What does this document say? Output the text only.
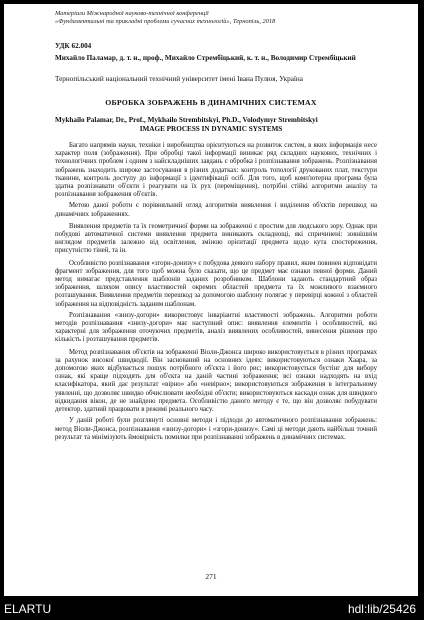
Матеріали Міжнародної науково-технічної конференції
«Фундаментальні та прикладні проблеми сучасних технологій», Тернопіль, 2018
УДК 62.004
Михайло Паламар, д. т. н., проф., Михайло Стрембіцький, к. т. н., Володимир Стрембіцький
Тернопільський національний технічний університет імені Івана Пулюя, Україна
ОБРОБКА ЗОБРАЖЕНЬ В ДИНАМІЧНИХ СИСТЕМАХ
Mykhailo Palamar, Dr., Prof., Mykhailo Strembitskyi, Ph.D., Volodymyr Strembitskyi
IMAGE PROCESS IN DYNAMIC SYSTEMS

Багато напрямів науки, техніки і виробництва орієнтуються на розвиток систем, в яких інформація несе характер поля (зображення). При обробці такої інформації виникає ряд складних наукових, технічних і технологічних проблем і одним з найскладніших завдань є обробка і розпізнавання зображень. Розпізнавання зображень знаходить широке застосування в різних додатках: контроль топології друкованих плат, текстури тканини, контроль доступу до інформації з ідентифікації осіб. Для того, щоб комп'ютерна програма була здатна розпізнавати об'єкти і реагувати на їх рух (переміщення), потрібні стійкі алгоритми аналізу та розпізнавання зображення об'єктів.

Метою даної роботи є порівняльний огляд алгоритмів виявлення і виділення об'єктів перешкод на динамічних зображеннях.

Виявлення предметів та їх геометричної форми на зображенні є простим для людського зору. Однак при побудові автоматичної системи виявлення предмета виникають складнощі, які спричинені: зовнішнім виглядом предметів залежно від освітлення, зміною орієнтації предмета щодо кута спостереження, присутністю тіней, та ін.

Особливістю розпізнавання «згори-донизу» є побудова деякого набору правил, яким повинен відповідати фрагмент зображення, для того щоб можна було сказати, що це предмет має ознаки певної форми. Даний метод вимагає представлення шаблонів заданих розробником. Шаблони задають стандартний образ зображення, шляхом опису властивостей окремих областей предмета та їх можливого взаємного розташування. Виявлення предметів перешкод за допомогою шаблону полягає у перевірці кожної з областей зображення на відповідність заданим шаблонам.

Розпізнавання «знизу-догори» використовує інваріантні властивості зображень. Алгоритми роботи методів розпізнавання «знизу-догори» має наступний опис: виявлення елементів і особливостей, які характерні для зображення оточуючих предметів, аналіз виявлених особливостей, винесення рішення про кількість і розташування предметів.

Метод розпізнавання об'єктів на зображенні Віоли-Джонса широко використовується в різних програмах за рахунок високої швидкодії. Він заснований на основних ідеях: використовуються ознаки Хаара, за допомогою яких відбувається пошук потрібного об'єкта і його рис; використовується бустінг для вибору ознак, які краще підходять для об'єкта на даній частині зображення; всі ознаки надходять на вхід класифікатора, який дає результат «вірно» або «невірно»; використовуються зображення в інтегральному уявленні, що дозволяє швидко обчислювати необхідні об'єкти; використовуються каскади ознак для швидкого відкидання вікон, де не знайдено предмета. Особливістю даного методу є те, що він дозволяє побудувати детектор, здатний працювати в режимі реального часу.

У даній роботі були розглянуті основні методи і підходи до автоматичного розпізнавання зображень: метод Віоли-Джонса, розпізнавання «знизу-догори» і «згори-донизу». Самі ці методи дають найбільш точний результат та мінімізують ймовірність помилки при розпізнаванні зображень в динамічних системах.

271
ELARTU	hdl:lib/25426
